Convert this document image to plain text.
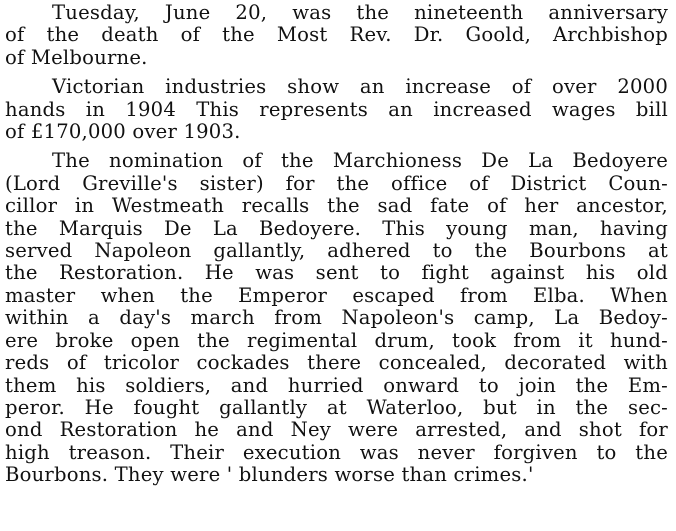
Tuesday, June 20, was the nineteenth anniversary
of the death of the Most Rev. Dr. Goold, Archbishop
of Melbourne.

Victorian industries show an increase of over 2000
hands in 1904 This represents an increased wages bill
of £170,000 over 1903.

The nomination of the Marchioness De La Bedoyere
(Lord Greville's sister) for the office of District Coun-
cillor in Westmeath recalls the sad fate of her ancestor,
the Marquis De La Bedoyere. This young man, having
served Napoleon gallantly, adhered to the Bourbons at
the Restoration. He was sent to fight against his old
master when the Emperor escaped from Elba. When
within a day's march from Napoleon's camp, La Bedoy-
ere broke open the regimental drum, took from it hund-
reds of tricolor cockades there concealed, decorated with
them his soldiers, and hurried onward to join the Em-
peror. He fought gallantly at Waterloo, but in the sec-
ond Restoration he and Ney were arrested, and shot for
high treason. Their execution was never forgiven to the
Bourbons. They were ' blunders worse than crimes.'
